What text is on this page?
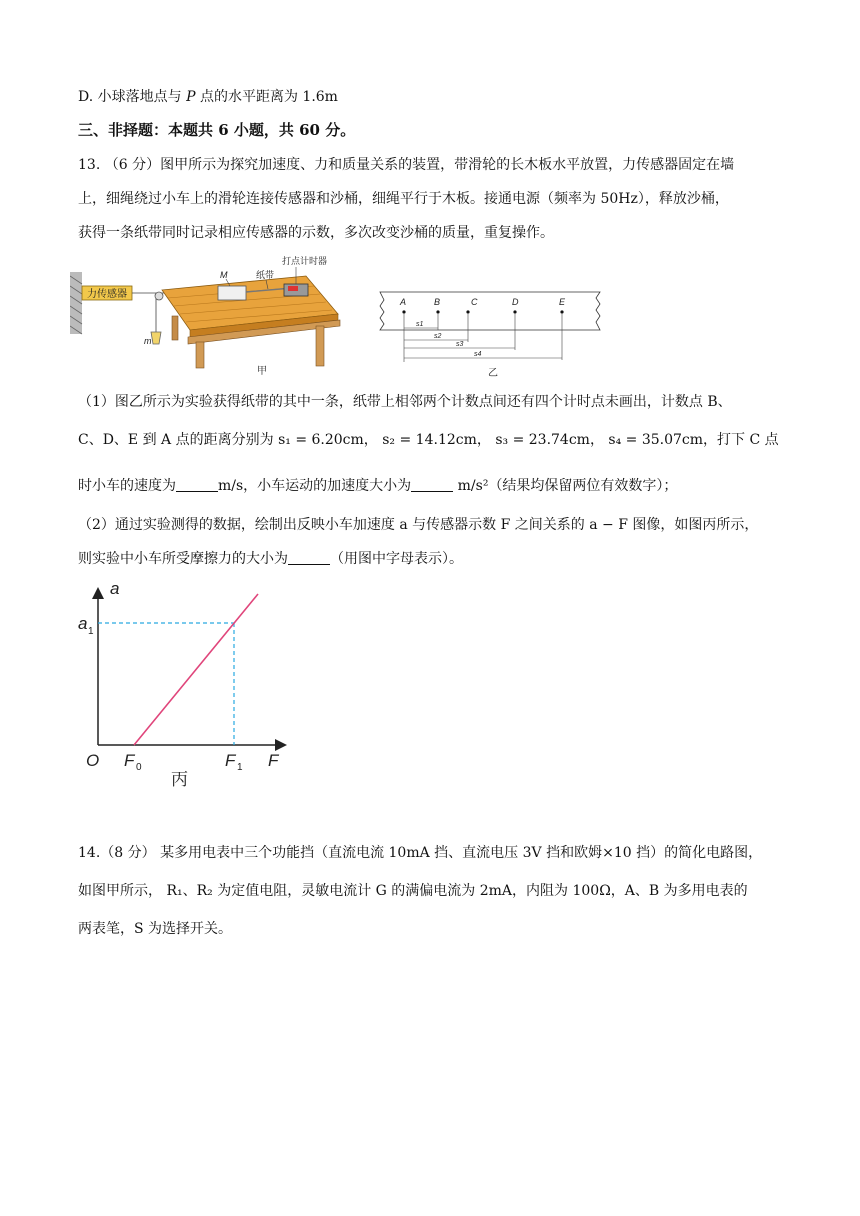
D. 小球落地点与 P 点的水平距离为 1.6m
三、非择题：本题共 6 小题，共 60 分。
13. （6 分）图甲所示为探究加速度、力和质量关系的装置，带滑轮的长木板水平放置，力传感器固定在墙
上，细绳绕过小车上的滑轮连接传感器和沙桶，细绳平行于木板。接通电源（频率为 50Hz），释放沙桶，
获得一条纸带同时记录相应传感器的示数，多次改变沙桶的质量，重复操作。
力传感器
m
M	纸带
打点计时器
甲
A	B	C	D	E
s1
s2
s3
s4
乙
（1）图乙所示为实验获得纸带的其中一条，纸带上相邻两个计数点间还有四个计时点未画出，计数点 B、
C、D、E 到 A 点的距离分别为 s₁ = 6.20cm， s₂ = 14.12cm， s₃ = 23.74cm， s₄ = 35.07cm，打下 C 点
时小车的速度为	m/s，小车运动的加速度大小为	m/s²（结果均保留两位有效数字）；
（2）通过实验测得的数据，绘制出反映小车加速度 a 与传感器示数 F 之间关系的 a − F 图像，如图丙所示，
则实验中小车所受摩擦力的大小为	（用图中字母表示）。
a
F
O
a
F	F
1
0	1
丙
14.（8 分） 某多用电表中三个功能挡（直流电流 10mA 挡、直流电压 3V 挡和欧姆×10 挡）的简化电路图，
如图甲所示， R₁、R₂ 为定值电阻，灵敏电流计 G 的满偏电流为 2mA，内阻为 100Ω，A、B 为多用电表的
两表笔，S 为选择开关。
